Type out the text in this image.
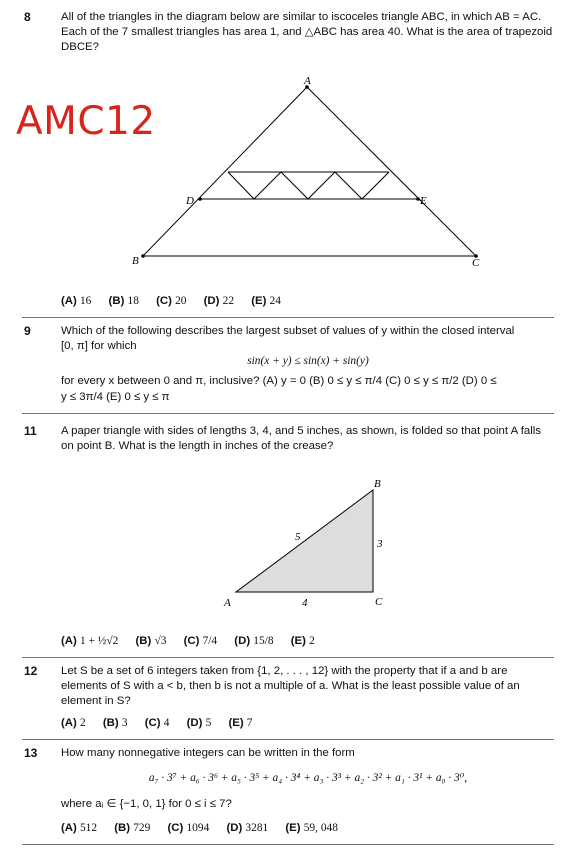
8	All of the triangles in the diagram below are similar to iscoceles triangle ABC, in which AB = AC. Each of the 7 smallest triangles has area 1, and △ABC has area 40. What is the area of trapezoid DBCE?
AMC12
A
B	C
D	E
(A) 16 (B) 18 (C) 20 (D) 22 (E) 24
9	Which of the following describes the largest subset of values of y within the closed interval
[0, π] for which
sin(x + y) ≤ sin(x) + sin(y)
for every x between 0 and π, inclusive? (A) y = 0 (B) 0 ≤ y ≤ π/4 (C) 0 ≤ y ≤ π/2 (D) 0 ≤
y ≤ 3π/4 (E) 0 ≤ y ≤ π
11 A paper triangle with sides of lengths 3, 4, and 5 inches, as shown, is folded so that point A falls on point B. What is the length in inches of the crease?
A
B
C
5
3
4
(A) 1 + ½√2 (B) √3 (C) 7/4 (D) 15/8 (E) 2
12 Let S be a set of 6 integers taken from {1, 2, . . . , 12} with the property that if a and b are elements of S with a < b, then b is not a multiple of a. What is the least possible value of an element in S?
(A) 2 (B) 3 (C) 4 (D) 5 (E) 7
13 How many nonnegative integers can be written in the form
a₇ · 3⁷ + a₆ · 3⁶ + a₅ · 3⁵ + a₄ · 3⁴ + a₃ · 3³ + a₂ · 3² + a₁ · 3¹ + a₀ · 3⁰,
where aᵢ ∈ {−1, 0, 1} for 0 ≤ i ≤ 7?
(A) 512 (B) 729 (C) 1094 (D) 3281 (E) 59, 048
